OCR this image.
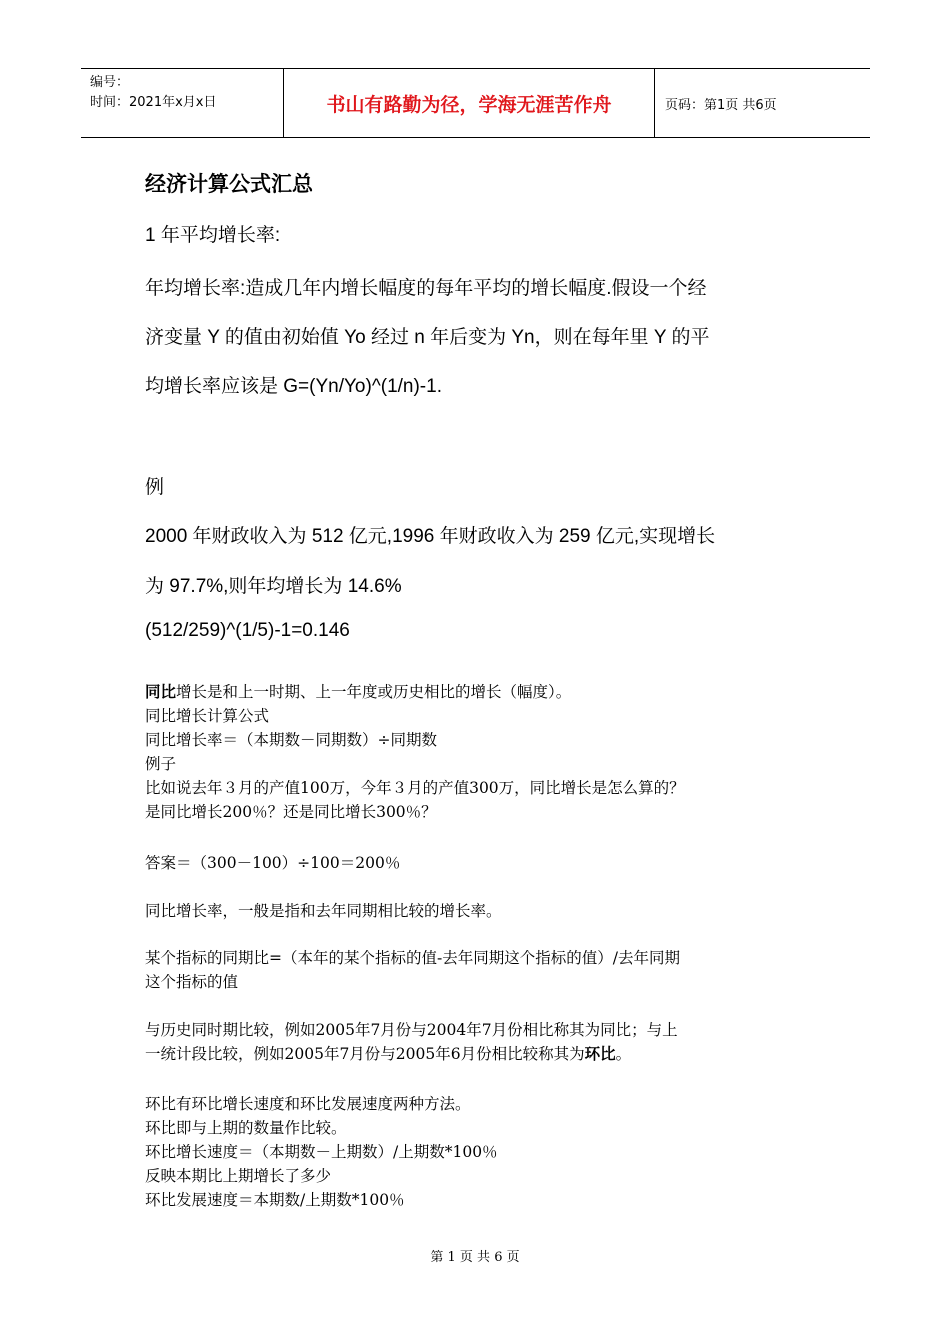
编号：
时间：2021年x月x日	书山有路勤为径，学海无涯苦作舟	页码：第1页 共6页
经济计算公式汇总
1 年平均增长率:
年均增长率:造成几年内增长幅度的每年平均的增长幅度.假设一个经
济变量 Y 的值由初始值 Yo 经过 n 年后变为 Yn，则在每年里 Y 的平
均增长率应该是 G=(Yn/Yo)^(1/n)-1.
例
2000 年财政收入为 512 亿元,1996 年财政收入为 259 亿元,实现增长
为 97.7%,则年均增长为 14.6%
(512/259)^(1/5)-1=0.146
同比增长是和上一时期、上一年度或历史相比的增长（幅度）。
同比增长计算公式
同比增长率＝（本期数－同期数）÷同期数
例子
比如说去年３月的产值100万，今年３月的产值300万，同比增长是怎么算的？
是同比增长200％？还是同比增长300％？
答案＝（300－100）÷100＝200％
同比增长率，一般是指和去年同期相比较的增长率。
某个指标的同期比=（本年的某个指标的值-去年同期这个指标的值）/去年同期
这个指标的值
与历史同时期比较，例如2005年7月份与2004年7月份相比称其为同比；与上
一统计段比较，例如2005年7月份与2005年6月份相比较称其为环比。
环比有环比增长速度和环比发展速度两种方法。
环比即与上期的数量作比较。
环比增长速度＝（本期数－上期数）/上期数*100％
反映本期比上期增长了多少
环比发展速度＝本期数/上期数*100％
第 1 页 共 6 页
